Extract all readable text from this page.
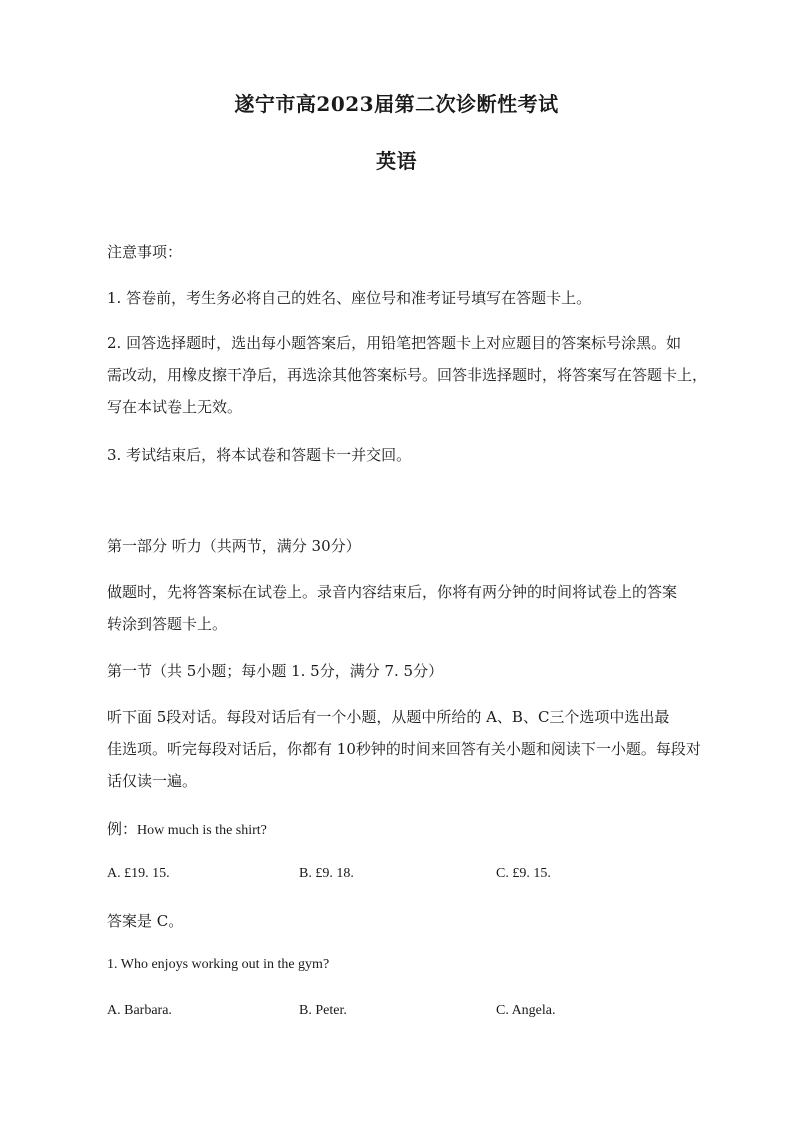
遂宁市高2023届第二次诊断性考试
英语
注意事项：
1. 答卷前，考生务必将自己的姓名、座位号和准考证号填写在答题卡上。
2. 回答选择题时，选出每小题答案后，用铅笔把答题卡上对应题目的答案标号涂黑。如
需改动，用橡皮擦干净后，再选涂其他答案标号。回答非选择题时，将答案写在答题卡上，
写在本试卷上无效。
3. 考试结束后，将本试卷和答题卡一并交回。
第一部分 听力（共两节，满分 30分）
做题时，先将答案标在试卷上。录音内容结束后，你将有两分钟的时间将试卷上的答案
转涂到答题卡上。
第一节（共 5小题；每小题 1. 5分，满分 7. 5分）
听下面 5段对话。每段对话后有一个小题，从题中所给的 A、B、C三个选项中选出最
佳选项。听完每段对话后，你都有 10秒钟的时间来回答有关小题和阅读下一小题。每段对
话仅读一遍。
例：How much is the shirt?
A. £19. 15.	B. £9. 18.	C. £9. 15.
答案是 C。
1. Who enjoys working out in the gym?
A. Barbara.	B. Peter.	C. Angela.
